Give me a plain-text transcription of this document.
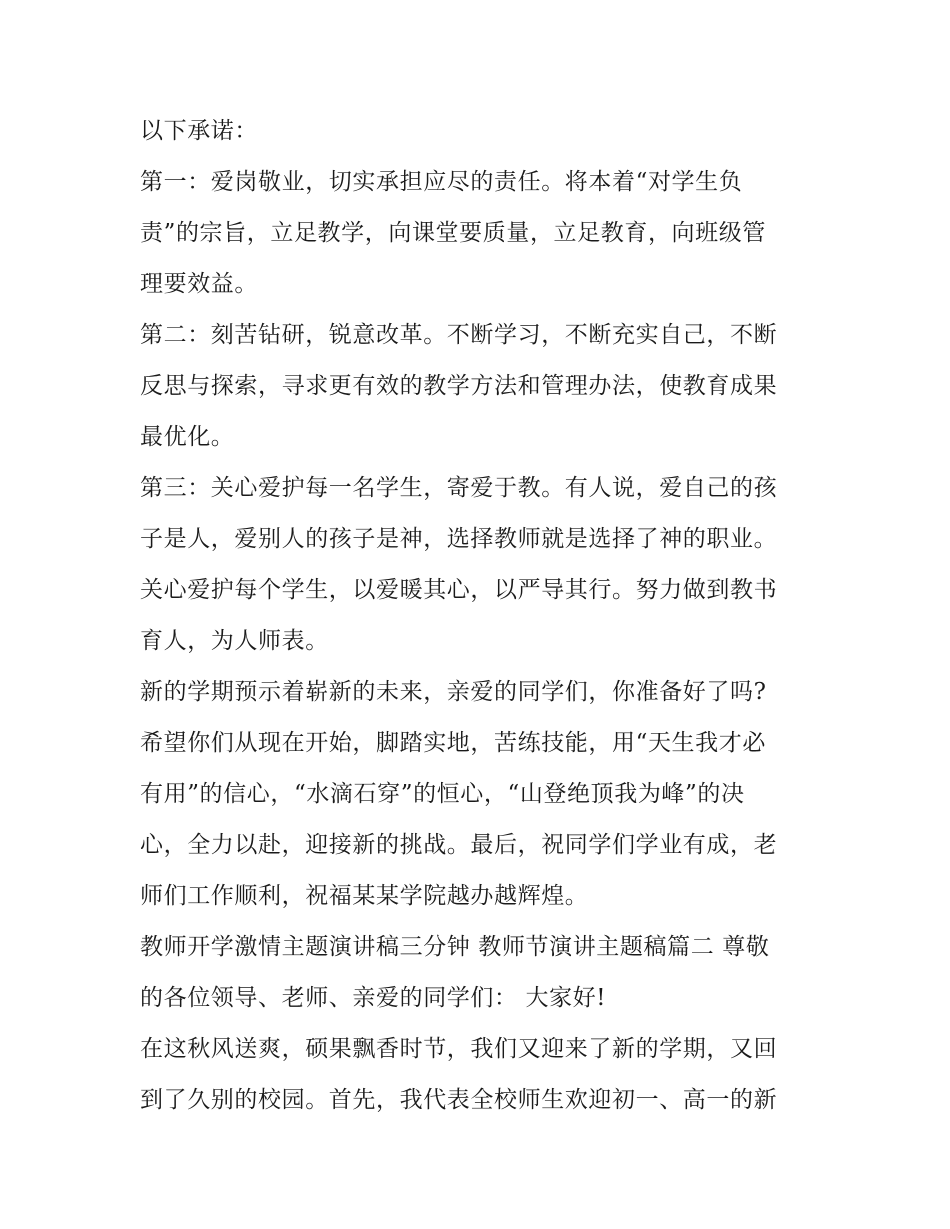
以下承诺：
第一：爱岗敬业，切实承担应尽的责任。将本着“对学生负
责”的宗旨，立足教学，向课堂要质量，立足教育，向班级管
理要效益。
第二：刻苦钻研，锐意改革。不断学习，不断充实自己，不断
反思与探索，寻求更有效的教学方法和管理办法，使教育成果
最优化。
第三：关心爱护每一名学生，寄爱于教。有人说，爱自己的孩
子是人，爱别人的孩子是神，选择教师就是选择了神的职业。
关心爱护每个学生，以爱暖其心，以严导其行。努力做到教书
育人，为人师表。
新的学期预示着崭新的未来，亲爱的同学们，你准备好了吗?
希望你们从现在开始，脚踏实地，苦练技能，用“天生我才必
有用”的信心，“水滴石穿”的恒心，“山登绝顶我为峰”的决
心，全力以赴，迎接新的挑战。最后，祝同学们学业有成，老
师们工作顺利，祝福某某学院越办越辉煌。
教师开学激情主题演讲稿三分钟 教师节演讲主题稿篇二 尊敬
的各位领导、老师、亲爱的同学们： 大家好!
在这秋风送爽，硕果飘香时节，我们又迎来了新的学期，又回
到了久别的校园。首先，我代表全校师生欢迎初一、高一的新
